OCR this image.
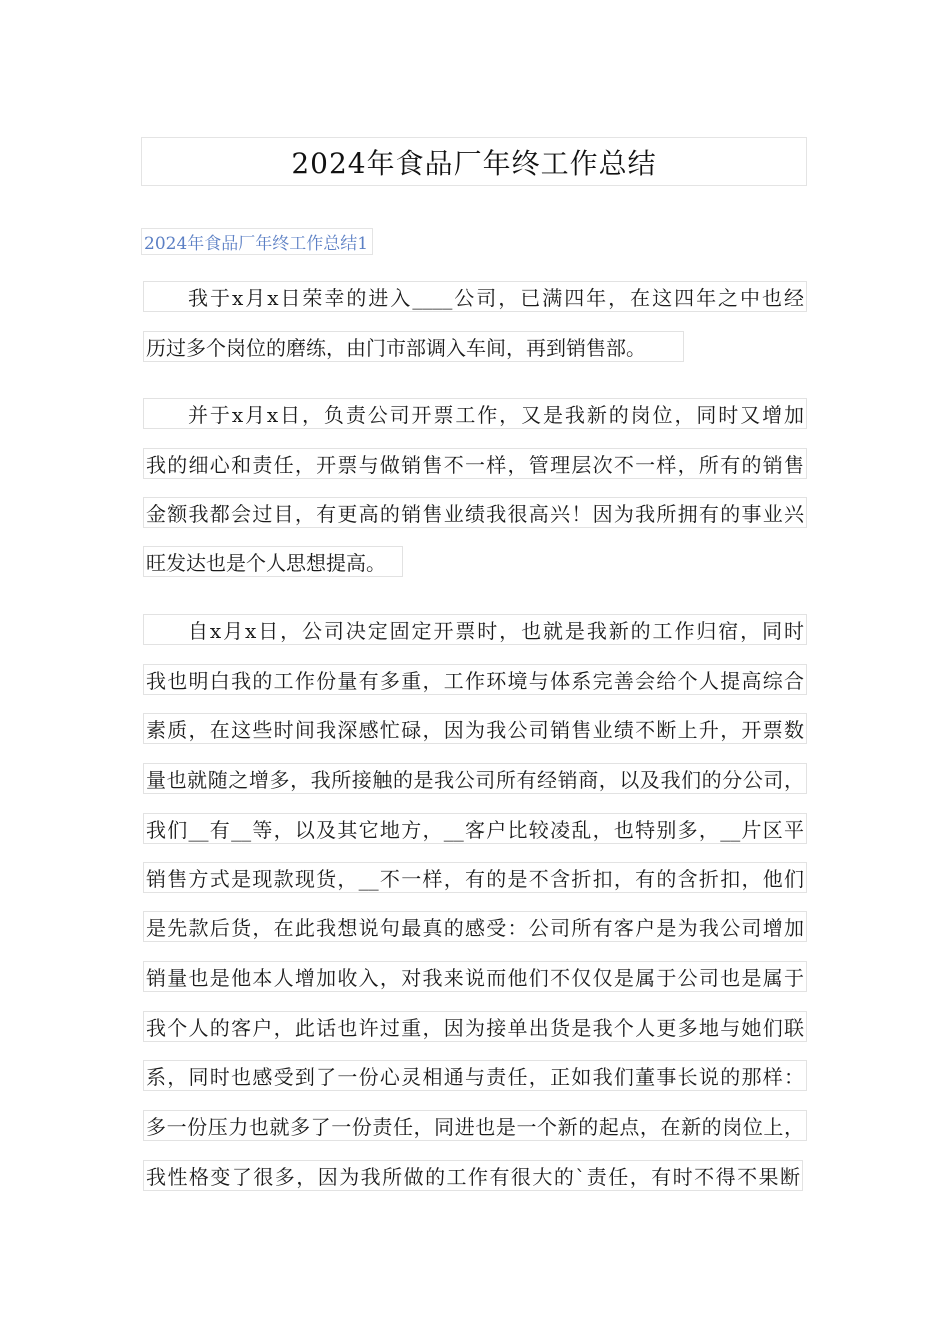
2024年食品厂年终工作总结
2024年食品厂年终工作总结1
我于x月x日荣幸的进入____公司，已满四年，在这四年之中也经
历过多个岗位的磨练，由门市部调入车间，再到销售部。
并于x月x日，负责公司开票工作，又是我新的岗位，同时又增加
我的细心和责任，开票与做销售不一样，管理层次不一样，所有的销售
金额我都会过目，有更高的销售业绩我很高兴！因为我所拥有的事业兴
旺发达也是个人思想提高。
自x月x日，公司决定固定开票时，也就是我新的工作归宿，同时
我也明白我的工作份量有多重，工作环境与体系完善会给个人提高综合
素质，在这些时间我深感忙碌，因为我公司销售业绩不断上升，开票数
量也就随之增多，我所接触的是我公司所有经销商，以及我们的分公司，
我们__有__等，以及其它地方，__客户比较凌乱，也特别多，__片区平
销售方式是现款现货，__不一样，有的是不含折扣，有的含折扣，他们
是先款后货，在此我想说句最真的感受：公司所有客户是为我公司增加
销量也是他本人增加收入，对我来说而他们不仅仅是属于公司也是属于
我个人的客户，此话也许过重，因为接单出货是我个人更多地与她们联
系，同时也感受到了一份心灵相通与责任，正如我们董事长说的那样：
多一份压力也就多了一份责任，同进也是一个新的起点，在新的岗位上，
我性格变了很多，因为我所做的工作有很大的`责任，有时不得不果断
